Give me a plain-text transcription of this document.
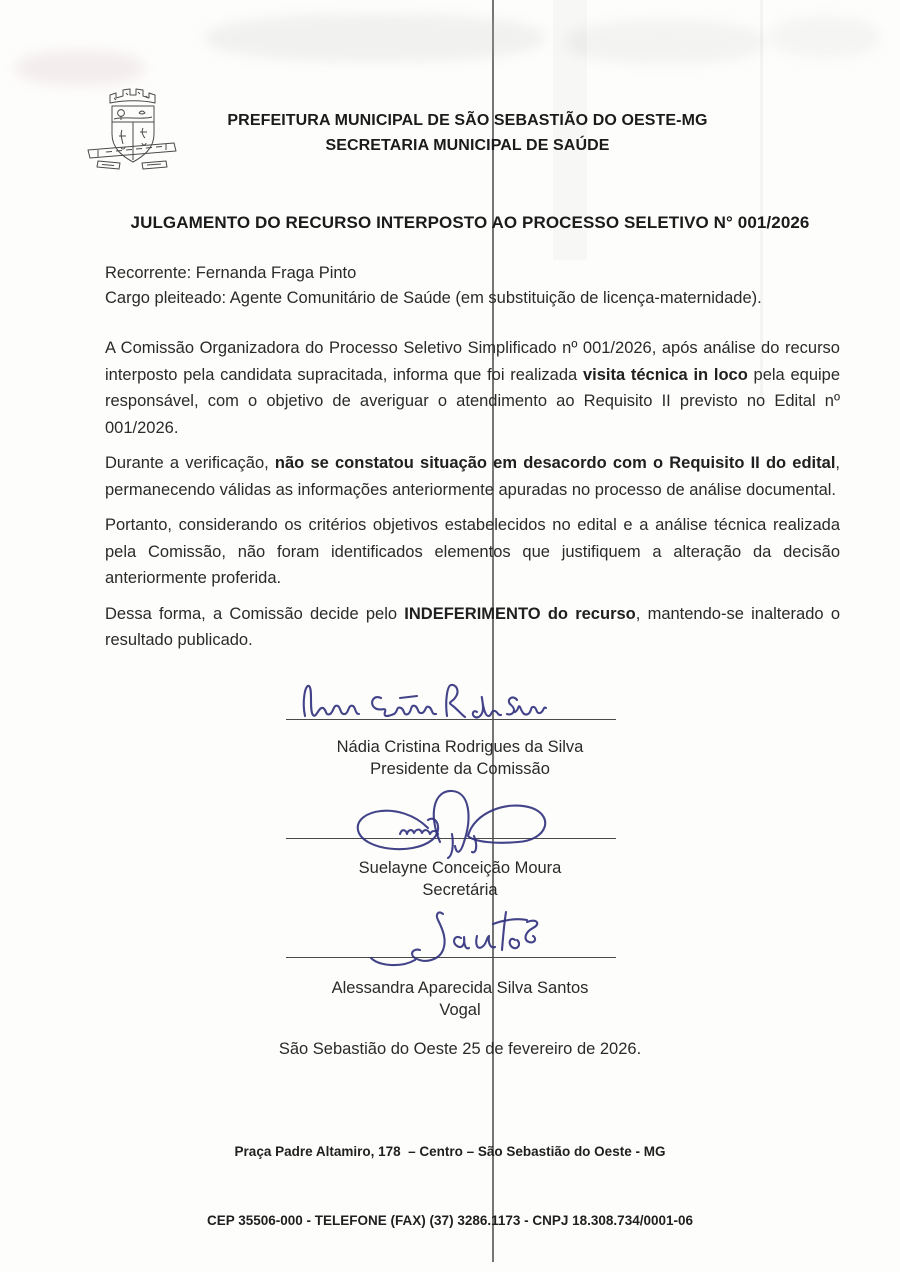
PREFEITURA MUNICIPAL DE SÃO SEBASTIÃO DO OESTE-MG
SECRETARIA MUNICIPAL DE SAÚDE
JULGAMENTO DO RECURSO INTERPOSTO AO PROCESSO SELETIVO N° 001/2026

Recorrente: Fernanda Fraga Pinto
Cargo pleiteado: Agente Comunitário de Saúde (em substituição de licença-maternidade).

A Comissão Organizadora do Processo Seletivo Simplificado nº 001/2026, após análise do recurso interposto pela candidata supracitada, informa que foi realizada visita técnica in loco pela equipe responsável, com o objetivo de averiguar o atendimento ao Requisito II previsto no Edital nº 001/2026.

Durante a verificação, não se constatou situação em desacordo com o Requisito II do edital, permanecendo válidas as informações anteriormente apuradas no processo de análise documental.

Portanto, considerando os critérios objetivos estabelecidos no edital e a análise técnica realizada pela Comissão, não foram identificados elementos que justifiquem a alteração da decisão anteriormente proferida.

Dessa forma, a Comissão decide pelo INDEFERIMENTO do recurso, mantendo-se inalterado o resultado publicado.

Nádia Cristina Rodrigues da Silva
Presidente da Comissão
Suelayne Conceição Moura
Secretária
Alessandra Aparecida Silva Santos
Vogal
São Sebastião do Oeste 25 de fevereiro de 2026.

Praça Padre Altamiro, 178  – Centro – São Sebastião do Oeste - MG

CEP 35506-000 - TELEFONE (FAX) (37) 3286.1173 - CNPJ 18.308.734/0001-06
